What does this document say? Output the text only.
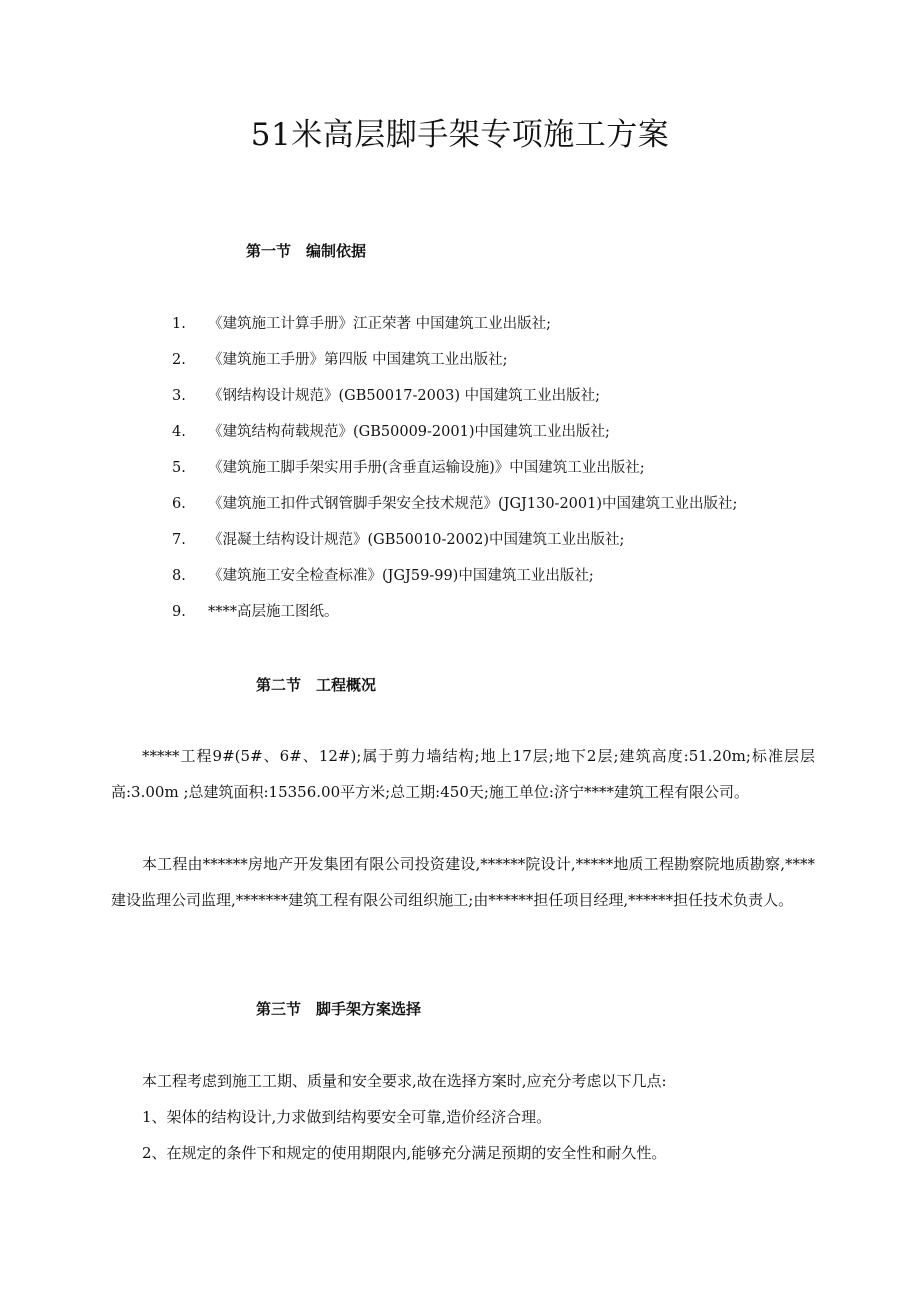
51米高层脚手架专项施工方案
第一节　编制依据
1. 《建筑施工计算手册》江正荣著 中国建筑工业出版社;
2. 《建筑施工手册》第四版 中国建筑工业出版社;
3. 《钢结构设计规范》(GB50017-2003) 中国建筑工业出版社;
4. 《建筑结构荷载规范》(GB50009-2001)中国建筑工业出版社;
5. 《建筑施工脚手架实用手册(含垂直运输设施)》中国建筑工业出版社;
6. 《建筑施工扣件式钢管脚手架安全技术规范》(JGJ130-2001)中国建筑工业出版社;
7. 《混凝土结构设计规范》(GB50010-2002)中国建筑工业出版社;
8. 《建筑施工安全检查标准》(JGJ59-99)中国建筑工业出版社;
9. ****高层施工图纸。
第二节　工程概况

*****工程9#(5#、6#、12#);属于剪力墙结构;地上17层;地下2层;建筑高度:51.20m;标准层层高:3.00m ;总建筑面积:15356.00平方米;总工期:450天;施工单位:济宁****建筑工程有限公司。

本工程由******房地产开发集团有限公司投资建设,******院设计,*****地质工程勘察院地质勘察,****建设监理公司监理,*******建筑工程有限公司组织施工;由******担任项目经理,******担任技术负责人。

第三节　脚手架方案选择

本工程考虑到施工工期、质量和安全要求,故在选择方案时,应充分考虑以下几点:

1、架体的结构设计,力求做到结构要安全可靠,造价经济合理。

2、在规定的条件下和规定的使用期限内,能够充分满足预期的安全性和耐久性。
